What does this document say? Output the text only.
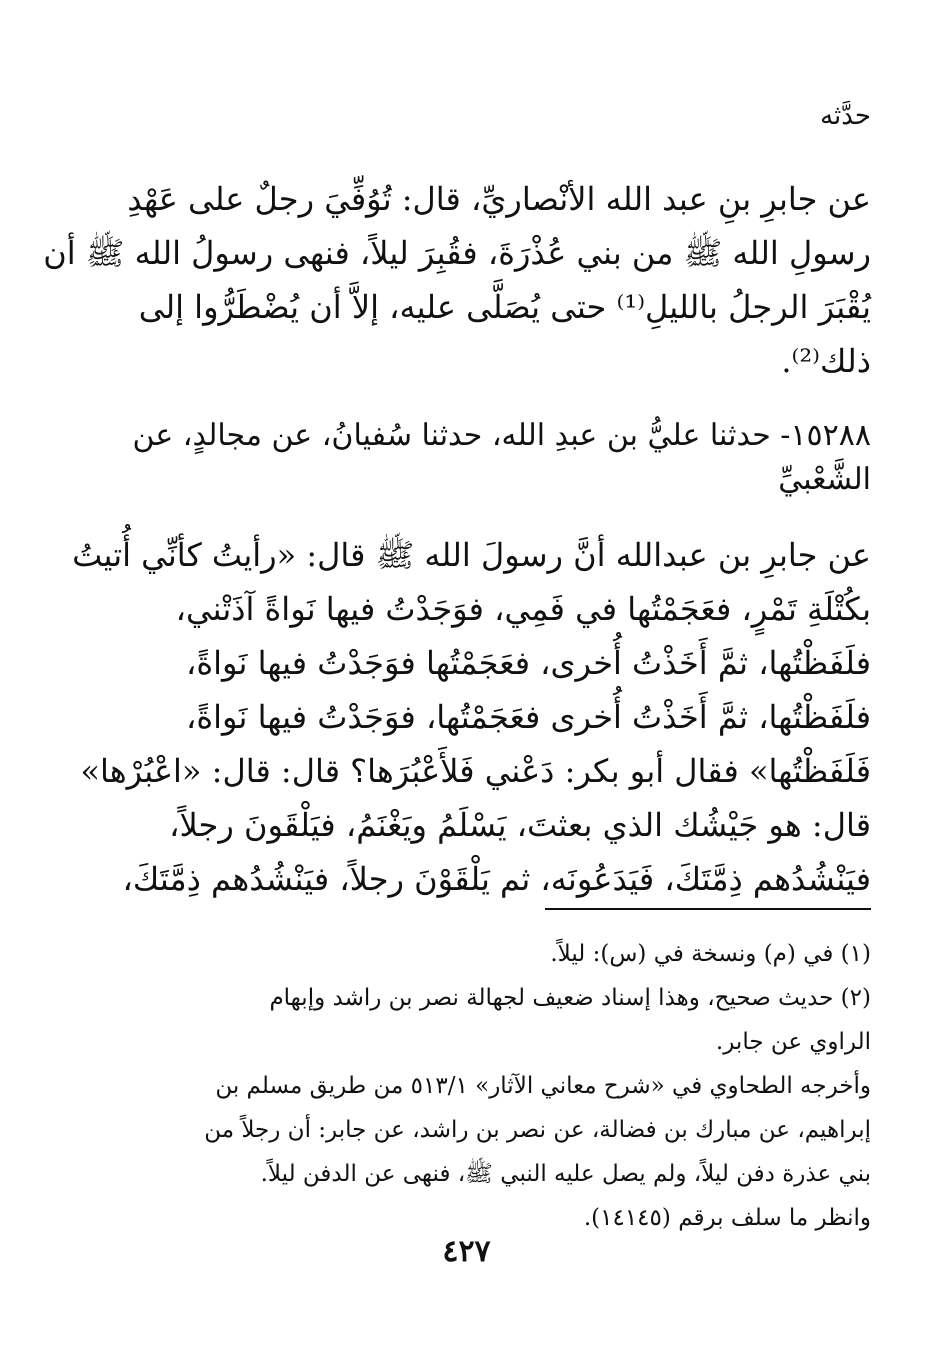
حدَّثه
عن جابرِ بنِ عبد الله الأنْصاريِّ، قال: تُوُفِّيَ رجلٌ على عَهْدِ
رسولِ الله ﷺ من بني عُذْرَةَ، فقُبِرَ ليلاً، فنهى رسولُ الله ﷺ أن
يُقْبَرَ الرجلُ بالليلِ⁽¹⁾ حتى يُصَلَّى عليه، إلاَّ أن يُضْطَرُّوا إلى
ذلك⁽²⁾.
١٥٢٨٨- حدثنا عليُّ بن عبدِ الله، حدثنا سُفيانُ، عن مجالدٍ، عن
الشَّعْبيِّ
عن جابرِ بن عبدالله أنَّ رسولَ الله ﷺ قال: «رأيتُ كأنِّي أُتيتُ
بكُتْلَةِ تَمْرٍ، فعَجَمْتُها في فَمِي، فوَجَدْتُ فيها نَواةً آذَتْني،
فلَفَظْتُها، ثمَّ أَخَذْتُ أُخرى، فعَجَمْتُها فوَجَدْتُ فيها نَواةً،
فلَفَظْتُها، ثمَّ أَخَذْتُ أُخرى فعَجَمْتُها، فوَجَدْتُ فيها نَواةً،
فَلَفَظْتُها» فقال أبو بكر: دَعْني فَلأَعْبُرَها؟ قال: قال: «اعْبُرْها»
قال: هو جَيْشُك الذي بعثتَ، يَسْلَمُ ويَغْنَمُ، فيَلْقَونَ رجلاً،
فيَنْشُدُهم ذِمَّتَكَ، فَيَدَعُونَه، ثم يَلْقَوْنَ رجلاً، فيَنْشُدُهم ذِمَّتَكَ،
(١) في (م) ونسخة في (س): ليلاً.
(٢) حديث صحيح، وهذا إسناد ضعيف لجهالة نصر بن راشد وإبهام
الراوي عن جابر.
وأخرجه الطحاوي في «شرح معاني الآثار» ٥١٣/١ من طريق مسلم بن
إبراهيم، عن مبارك بن فضالة، عن نصر بن راشد، عن جابر: أن رجلاً من
بني عذرة دفن ليلاً، ولم يصل عليه النبي ﷺ، فنهى عن الدفن ليلاً.
وانظر ما سلف برقم (١٤١٤٥).
٤٢٧
